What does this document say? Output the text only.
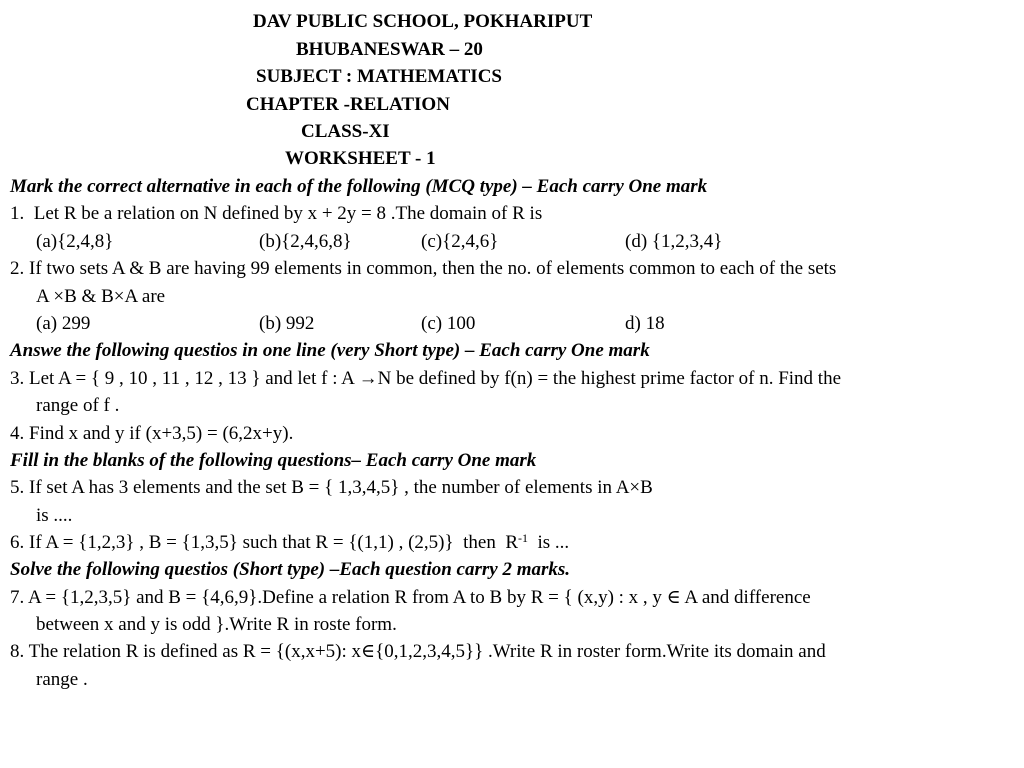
DAV PUBLIC SCHOOL, POKHARIPUT
BHUBANESWAR – 20
SUBJECT : MATHEMATICS
CHAPTER -RELATION
CLASS-XI
WORKSHEET - 1
Mark the correct alternative in each of the following (MCQ type) – Each carry One mark
1. Let R be a relation on N defined by x + 2y = 8 .The domain of R is
(a){2,4,8}	(b){2,4,6,8}	(c){2,4,6}	(d) {1,2,3,4}
2. If two sets A & B are having 99 elements in common, then the no. of elements common to each of the sets
A ×B & B×A are
(a) 299	(b) 992	(c) 100	d) 18
Answe the following questios in one line (very Short type) – Each carry One mark
3. Let A = { 9 , 10 , 11 , 12 , 13 } and let f : A →N be defined by f(n) = the highest prime factor of n. Find the
range of f .
4. Find x and y if (x+3,5) = (6,2x+y).
Fill in the blanks of the following questions– Each carry One mark
5. If set A has 3 elements and the set B = { 1,3,4,5} , the number of elements in A×B
is ....
6. If A = {1,2,3} , B = {1,3,5} such that R = {(1,1) , (2,5)}  then  $R^{-1}$  is ...
Solve the following questios (Short type) –Each question carry 2 marks.
7. A = {1,2,3,5} and B = {4,6,9}.Define a relation R from A to B by R = { (x,y) : x , y ∈ A and difference
between x and y is odd }.Write R in roste form.
8. The relation R is defined as R = {(x,x+5): x∈{0,1,2,3,4,5}} .Write R in roster form.Write its domain and
range .
